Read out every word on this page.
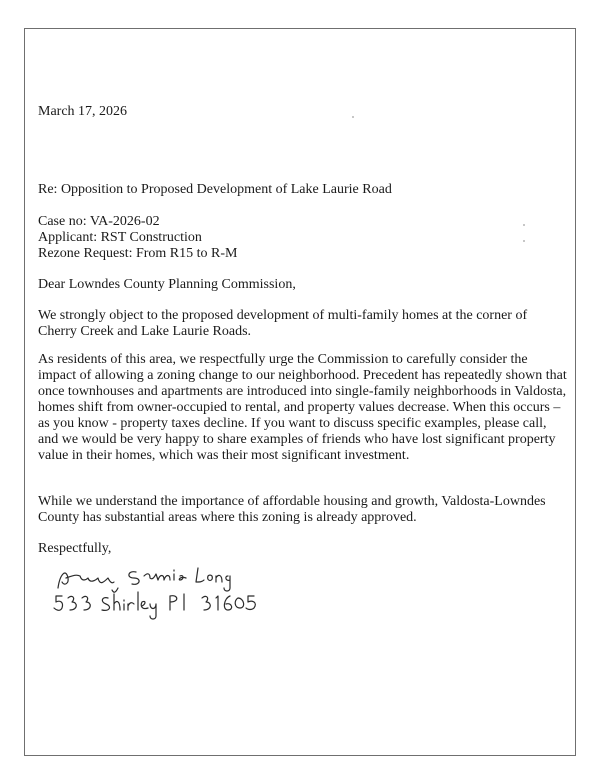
March 17, 2026
Re: Opposition to Proposed Development of Lake Laurie Road
Case no: VA-2026-02
Applicant: RST Construction
Rezone Request: From R15 to R-M
Dear Lowndes County Planning Commission,

We strongly object to the proposed development of multi-family homes at the corner of Cherry Creek and Lake Laurie Roads.

As residents of this area, we respectfully urge the Commission to carefully consider the impact of allowing a zoning change to our neighborhood. Precedent has repeatedly shown that once townhouses and apartments are introduced into single-family neighborhoods in Valdosta, homes shift from owner-occupied to rental, and property values decrease. When this occurs – as you know - property taxes decline. If you want to discuss specific examples, please call, and we would be very happy to share examples of friends who have lost significant property value in their homes, which was their most significant investment.

While we understand the importance of affordable housing and growth, Valdosta-Lowndes County has substantial areas where this zoning is already approved.

Respectfully,
